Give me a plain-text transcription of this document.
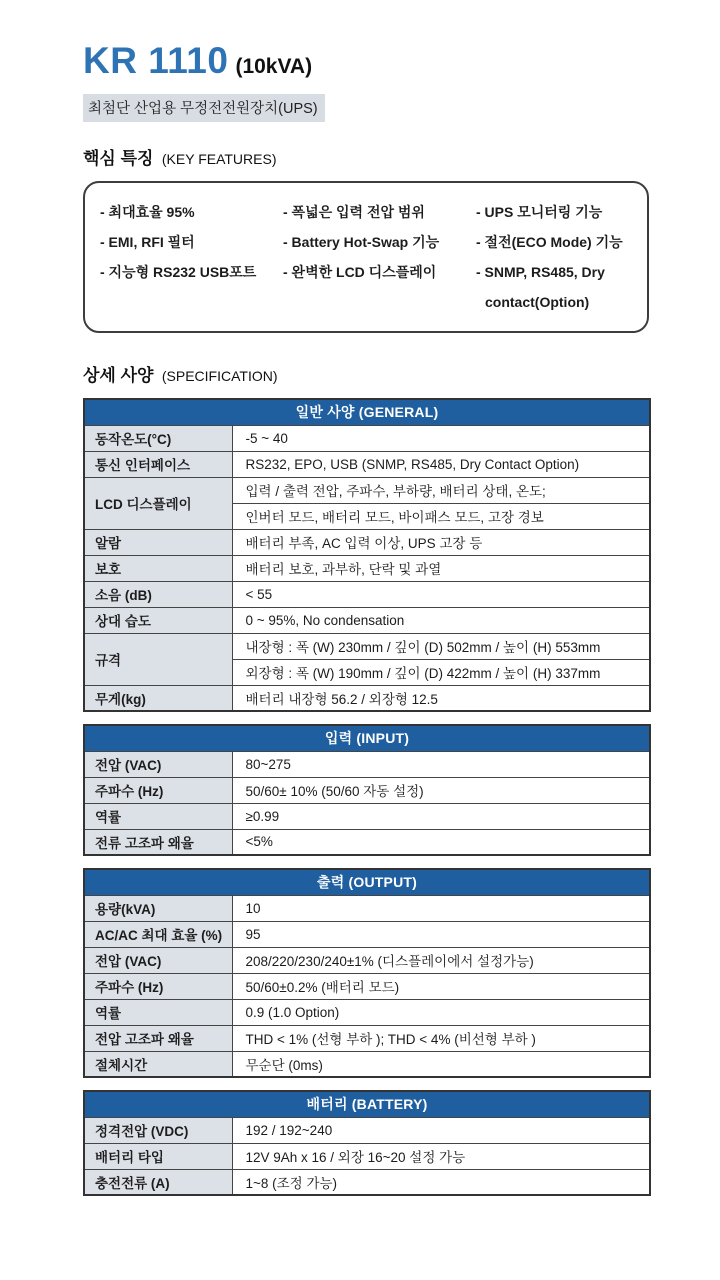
KR 1110 (10kVA)
최첨단 산업용 무정전전원장치(UPS)
핵심 특징 (KEY FEATURES)
- 최대효율 95%
- EMI, RFI 필터
- 지능형 RS232 USB포트
- 폭넓은 입력 전압 범위
- Battery Hot-Swap 기능
- 완벽한 LCD 디스플레이
- UPS 모니터링 기능
- 절전(ECO Mode) 기능
- SNMP, RS485, Dry contact(Option)
상세 사양 (SPECIFICATION)
일반 사양 (GENERAL)	
동작온도(°C)	-5 ~ 40
통신 인터페이스	RS232, EPO, USB (SNMP, RS485, Dry Contact Option)
LCD 디스플레이	입력 / 출력 전압, 주파수, 부하량, 배터리 상태, 온도;
	인버터 모드, 배터리 모드, 바이패스 모드, 고장 경보
알람	배터리 부족, AC 입력 이상, UPS 고장 등
보호	배터리 보호, 과부하, 단락 및 과열
소음 (dB)	< 55
상대 습도	0 ~ 95%, No condensation
규격	내장형 : 폭 (W) 230mm / 깊이 (D) 502mm / 높이 (H) 553mm
	외장형 : 폭 (W) 190mm / 깊이 (D) 422mm / 높이 (H) 337mm
무게(kg)	배터리 내장형 56.2 / 외장형 12.5
입력 (INPUT)	
전압 (VAC)	80~275
주파수 (Hz)	50/60± 10% (50/60 자동 설정)
역률	≥0.99
전류 고조파 왜율	<5%
출력 (OUTPUT)	
용량(kVA)	10
AC/AC 최대 효율 (%)	95
전압 (VAC)	208/220/230/240±1% (디스플레이에서 설정가능)
주파수 (Hz)	50/60±0.2% (배터리 모드)
역률	0.9 (1.0 Option)
전압 고조파 왜율	THD < 1% (선형 부하 ); THD < 4% (비선형 부하 )
절체시간	무순단 (0ms)
배터리 (BATTERY)	
정격전압 (VDC)	192 / 192~240
배터리 타입	12V 9Ah x 16 / 외장 16~20 설정 가능
충전전류 (A)	1~8 (조정 가능)
